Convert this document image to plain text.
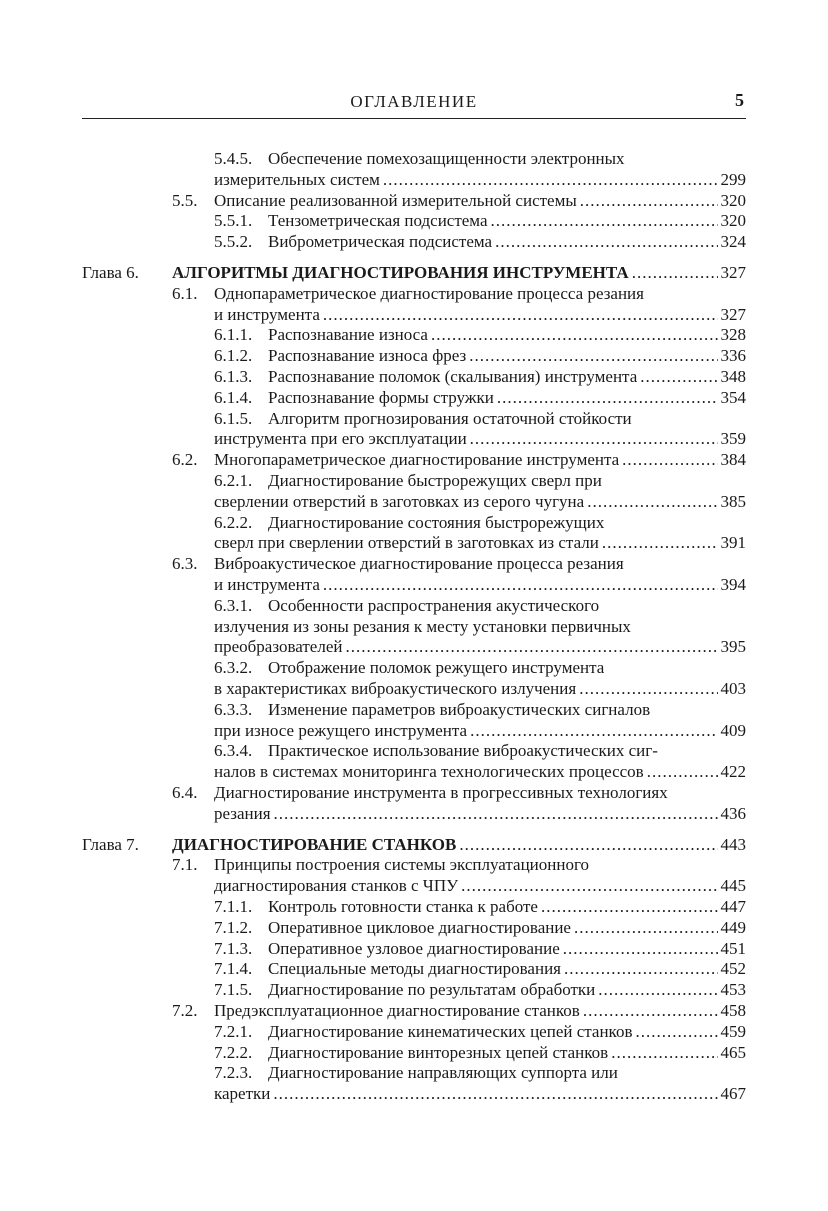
ОГЛАВЛЕНИЕ	5
5.4.5. Обеспечение помехозащищенности электронных
измерительных систем .....	299
5.5. Описание реализованной измерительной системы .....	320
5.5.1. Тензометрическая подсистема .....	320
5.5.2. Виброметрическая подсистема .....	324
Глава 6. АЛГОРИТМЫ ДИАГНОСТИРОВАНИЯ ИНСТРУМЕНТА .....	327
6.1. Однопараметрическое диагностирование процесса резания
и инструмента .....	327
6.1.1. Распознавание износа .....	328
6.1.2. Распознавание износа фрез .....	336
6.1.3. Распознавание поломок (скалывания) инструмента .....	348
6.1.4. Распознавание формы стружки .....	354
6.1.5. Алгоритм прогнозирования остаточной стойкости
инструмента при его эксплуатации .....	359
6.2. Многопараметрическое диагностирование инструмента .....	384
6.2.1. Диагностирование быстрорежущих сверл при
сверлении отверстий в заготовках из серого чугуна .....	385
6.2.2. Диагностирование состояния быстрорежущих
сверл при сверлении отверстий в заготовках из стали .....	391
6.3. Виброакустическое диагностирование процесса резания
и инструмента .....	394
6.3.1. Особенности распространения акустического
излучения из зоны резания к месту установки первичных
преобразователей .....	395
6.3.2. Отображение поломок режущего инструмента
в характеристиках виброакустического излучения .....	403
6.3.3. Изменение параметров виброакустических сигналов
при износе режущего инструмента .....	409
6.3.4. Практическое использование виброакустических сиг-
налов в системах мониторинга технологических процессов .....	422
6.4. Диагностирование инструмента в прогрессивных технологиях
резания .....	436
Глава 7. ДИАГНОСТИРОВАНИЕ СТАНКОВ .....	443
7.1. Принципы построения системы эксплуатационного
диагностирования станков с ЧПУ .....	445
7.1.1. Контроль готовности станка к работе .....	447
7.1.2. Оперативное цикловое диагностирование .....	449
7.1.3. Оперативное узловое диагностирование .....	451
7.1.4. Специальные методы диагностирования .....	452
7.1.5. Диагностирование по результатам обработки .....	453
7.2. Предэксплуатационное диагностирование станков .....	458
7.2.1. Диагностирование кинематических цепей станков .....	459
7.2.2. Диагностирование винторезных цепей станков .....	465
7.2.3. Диагностирование направляющих суппорта или
каретки .....	467
